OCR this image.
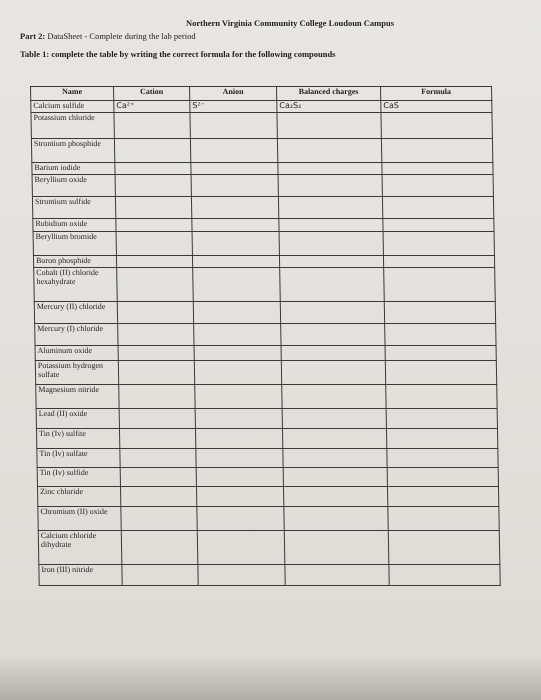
Northern Virginia Community College Loudoun Campus
Part 2: DataSheet - Complete during the lab period
Table 1: complete the table by writing the correct formula for the following compounds
Name	Cation	Anion	Balanced charges	Formula
Calcium sulfide	Ca²⁺	S²⁻	Ca₂S₂	CaS
Potassium chloride				
Strontium phosphide				
Barium iodide				
Beryllium oxide				
Strontium sulfide				
Rubidium oxide				
Beryllium bromide				
Boron phosphide				
Cobalt (II) chloride hexahydrate				
Mercury (II) chloride				
Mercury (I) chloride				
Aluminum oxide				
Potassium hydrogen sulfate				
Magnesium nitride				
Lead (II) oxide				
Tin (Iv) sulfite				
Tin (Iv) sulfate				
Tin (Iv) sulfide				
Zinc chloride				
Chromium (II) oxide				
Calcium chloride dihydrate				
Iron (III) nitride				
